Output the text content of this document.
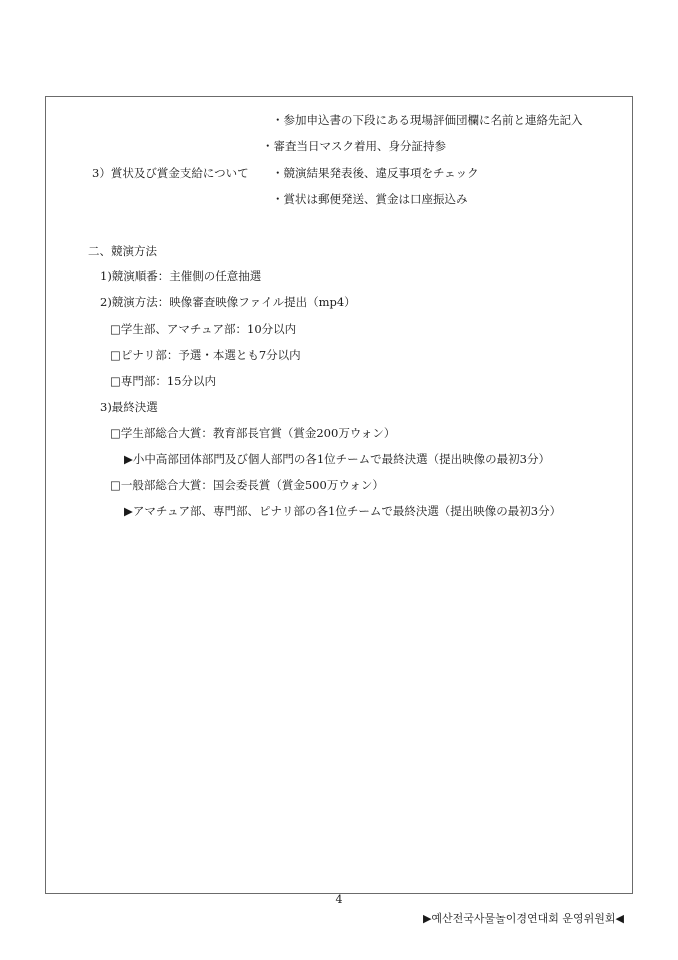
・参加申込書の下段にある現場評価団欄に名前と連絡先記入
・審査当日マスク着用、身分証持参
3）賞状及び賞金支給について ・競演結果発表後、違反事項をチェック
・賞状は郵便発送、賞金は口座振込み
二、競演方法
1)競演順番：主催側の任意抽選
2)競演方法：映像審査映像ファイル提出（mp4）
□学生部、アマチュア部：10分以内
□ピナリ部：予選・本選とも7分以内
□専門部：15分以内
3)最終決選
□学生部総合大賞：教育部長官賞（賞金200万ウォン）
▶小中高部団体部門及び個人部門の各1位チームで最終決選（提出映像の最初3分）
□一般部総合大賞：国会委長賞（賞金500万ウォン）
▶アマチュア部、専門部、ピナリ部の各1位チームで最終決選（提出映像の最初3分）
4
▶예산전국사물놀이경연대회 운영위원회◀
